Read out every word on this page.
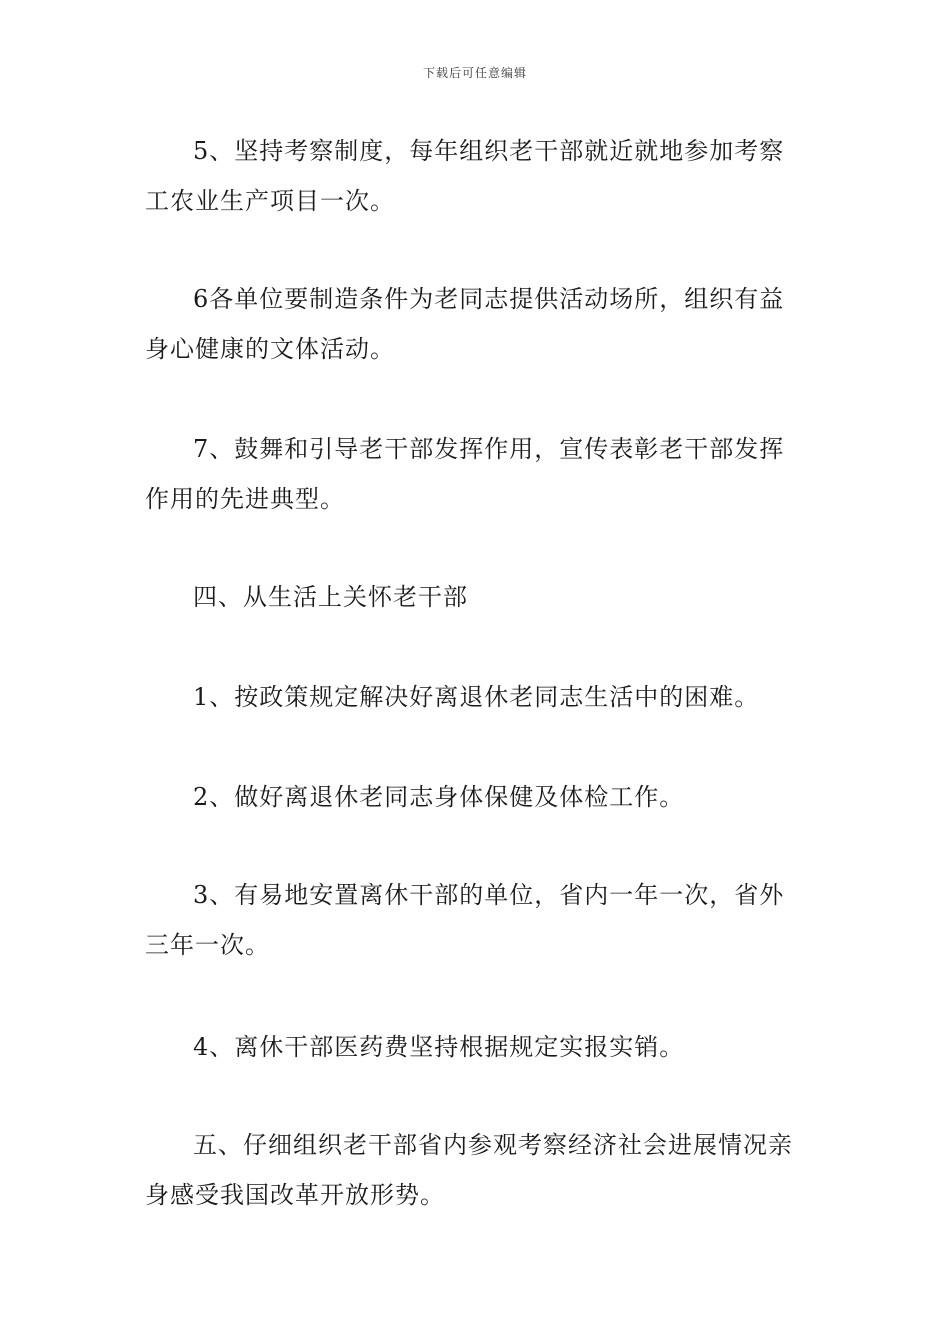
下载后可任意编辑

5、坚持考察制度，每年组织老干部就近就地参加考察工农业生产项目一次。

6各单位要制造条件为老同志提供活动场所，组织有益身心健康的文体活动。

7、鼓舞和引导老干部发挥作用，宣传表彰老干部发挥作用的先进典型。

四、从生活上关怀老干部

1、按政策规定解决好离退休老同志生活中的困难。

2、做好离退休老同志身体保健及体检工作。

3、有易地安置离休干部的单位，省内一年一次，省外三年一次。

4、离休干部医药费坚持根据规定实报实销。

五、仔细组织老干部省内参观考察经济社会进展情况亲身感受我国改革开放形势。
